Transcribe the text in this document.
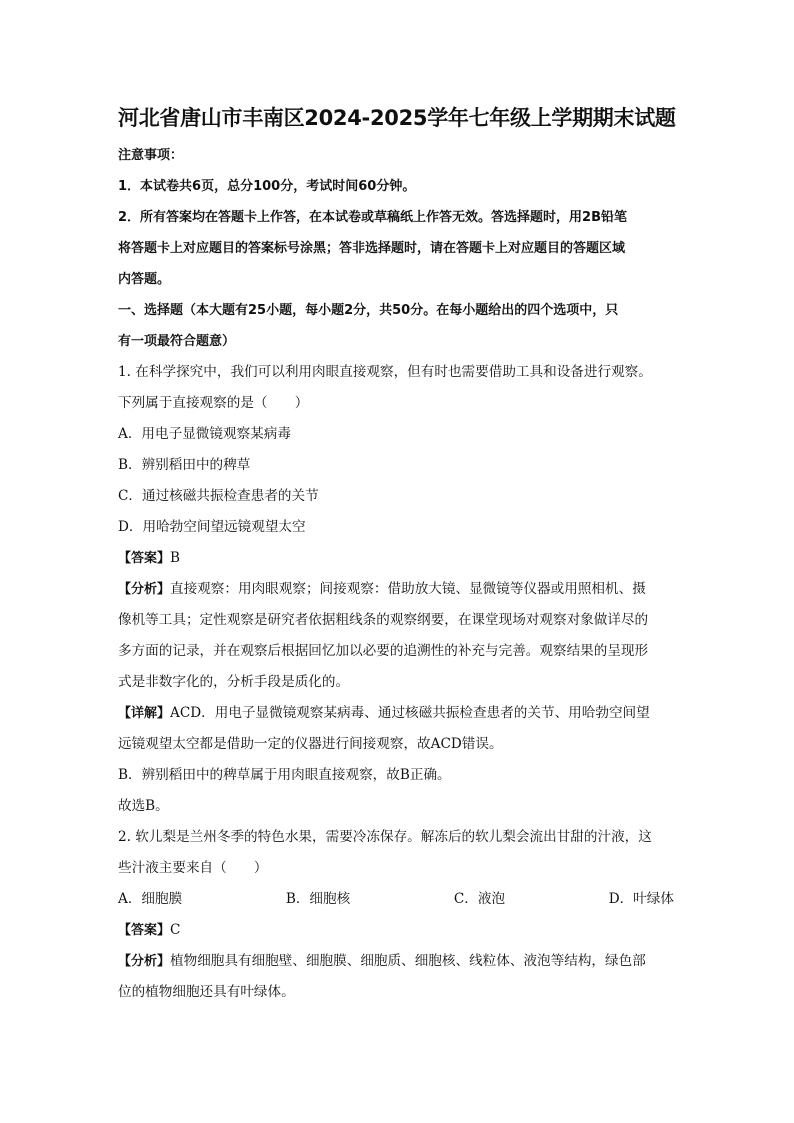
河北省唐山市丰南区2024-2025学年七年级上学期期末试题

注意事项：

1．本试卷共6页，总分100分，考试时间60分钟。

2．所有答案均在答题卡上作答，在本试卷或草稿纸上作答无效。答选择题时，用2B铅笔

将答题卡上对应题目的答案标号涂黑；答非选择题时，请在答题卡上对应题目的答题区域

内答题。

一、选择题（本大题有25小题，每小题2分，共50分。在每小题给出的四个选项中，只

有一项最符合题意）

1. 在科学探究中，我们可以利用肉眼直接观察，但有时也需要借助工具和设备进行观察。

下列属于直接观察的是（　　）

A．用电子显微镜观察某病毒

B．辨别稻田中的稗草

C．通过核磁共振检查患者的关节

D．用哈勃空间望远镜观望太空

【答案】B

【分析】直接观察：用肉眼观察；间接观察：借助放大镜、显微镜等仪器或用照相机、摄

像机等工具；定性观察是研究者依据粗线条的观察纲要，在课堂现场对观察对象做详尽的

多方面的记录，并在观察后根据回忆加以必要的追溯性的补充与完善。观察结果的呈现形

式是非数字化的，分析手段是质化的。

【详解】ACD．用电子显微镜观察某病毒、通过核磁共振检查患者的关节、用哈勃空间望

远镜观望太空都是借助一定的仪器进行间接观察，故ACD错误。

B．辨别稻田中的稗草属于用肉眼直接观察，故B正确。

故选B。

2. 软儿梨是兰州冬季的特色水果，需要冷冻保存。解冻后的软儿梨会流出甘甜的汁液，这

些汁液主要来自（　　）

A．细胞膜	B．细胞核	C．液泡	D．叶绿体

【答案】C

【分析】植物细胞具有细胞壁、细胞膜、细胞质、细胞核、线粒体、液泡等结构，绿色部

位的植物细胞还具有叶绿体。
